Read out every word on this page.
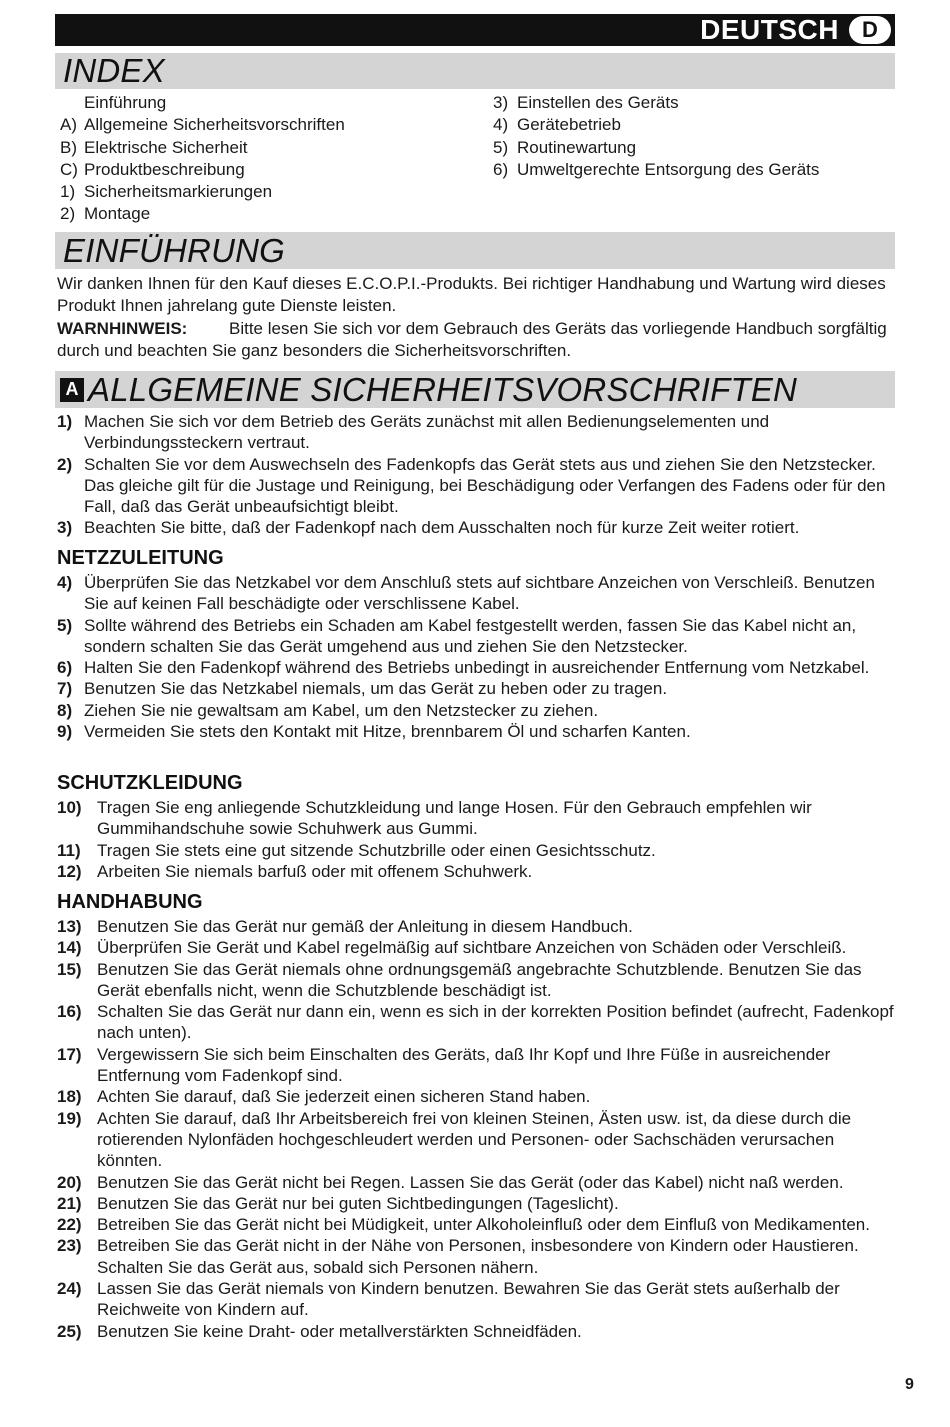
DEUTSCH	D
INDEX
Einführung
A) Allgemeine Sicherheitsvorschriften
B) Elektrische Sicherheit
C) Produktbeschreibung
1) Sicherheitsmarkierungen
2) Montage
3) Einstellen des Geräts
4) Gerätebetrieb
5) Routinewartung
6) Umweltgerechte Entsorgung des Geräts
EINFÜHRUNG

Wir danken Ihnen für den Kauf dieses E.C.O.P.I.-Produkts. Bei richtiger Handhabung und Wartung wird dieses Produkt Ihnen jahrelang gute Dienste leisten.

WARNHINWEIS: Bitte lesen Sie sich vor dem Gebrauch des Geräts das vorliegende Handbuch sorgfältig durch und beachten Sie ganz besonders die Sicherheitsvorschriften.

A ALLGEMEINE SICHERHEITSVORSCHRIFTEN
1) Machen Sie sich vor dem Betrieb des Geräts zunächst mit allen Bedienungselementen und Verbindungssteckern vertraut.
2) Schalten Sie vor dem Auswechseln des Fadenkopfs das Gerät stets aus und ziehen Sie den Netzstecker. Das gleiche gilt für die Justage und Reinigung, bei Beschädigung oder Verfangen des Fadens oder für den Fall, daß das Gerät unbeaufsichtigt bleibt.
3) Beachten Sie bitte, daß der Fadenkopf nach dem Ausschalten noch für kurze Zeit weiter rotiert.
NETZZULEITUNG
4) Überprüfen Sie das Netzkabel vor dem Anschluß stets auf sichtbare Anzeichen von Verschleiß. Benutzen Sie auf keinen Fall beschädigte oder verschlissene Kabel.
5) Sollte während des Betriebs ein Schaden am Kabel festgestellt werden, fassen Sie das Kabel nicht an, sondern schalten Sie das Gerät umgehend aus und ziehen Sie den Netzstecker.
6) Halten Sie den Fadenkopf während des Betriebs unbedingt in ausreichender Entfernung vom Netzkabel.
7) Benutzen Sie das Netzkabel niemals, um das Gerät zu heben oder zu tragen.
8) Ziehen Sie nie gewaltsam am Kabel, um den Netzstecker zu ziehen.
9) Vermeiden Sie stets den Kontakt mit Hitze, brennbarem Öl und scharfen Kanten.
SCHUTZKLEIDUNG
10) Tragen Sie eng anliegende Schutzkleidung und lange Hosen. Für den Gebrauch empfehlen wir Gummihandschuhe sowie Schuhwerk aus Gummi.
11) Tragen Sie stets eine gut sitzende Schutzbrille oder einen Gesichtsschutz.
12) Arbeiten Sie niemals barfuß oder mit offenem Schuhwerk.
HANDHABUNG
13) Benutzen Sie das Gerät nur gemäß der Anleitung in diesem Handbuch.
14) Überprüfen Sie Gerät und Kabel regelmäßig auf sichtbare Anzeichen von Schäden oder Verschleiß.
15) Benutzen Sie das Gerät niemals ohne ordnungsgemäß angebrachte Schutzblende. Benutzen Sie das Gerät ebenfalls nicht, wenn die Schutzblende beschädigt ist.
16) Schalten Sie das Gerät nur dann ein, wenn es sich in der korrekten Position befindet (aufrecht, Fadenkopf nach unten).
17) Vergewissern Sie sich beim Einschalten des Geräts, daß Ihr Kopf und Ihre Füße in ausreichender Entfernung vom Fadenkopf sind.
18) Achten Sie darauf, daß Sie jederzeit einen sicheren Stand haben.
19) Achten Sie darauf, daß Ihr Arbeitsbereich frei von kleinen Steinen, Ästen usw. ist, da diese durch die rotierenden Nylonfäden hochgeschleudert werden und Personen- oder Sachschäden verursachen könnten.
20) Benutzen Sie das Gerät nicht bei Regen. Lassen Sie das Gerät (oder das Kabel) nicht naß werden.
21) Benutzen Sie das Gerät nur bei guten Sichtbedingungen (Tageslicht).
22) Betreiben Sie das Gerät nicht bei Müdigkeit, unter Alkoholeinfluß oder dem Einfluß von Medikamenten.
23) Betreiben Sie das Gerät nicht in der Nähe von Personen, insbesondere von Kindern oder Haustieren. Schalten Sie das Gerät aus, sobald sich Personen nähern.
24) Lassen Sie das Gerät niemals von Kindern benutzen. Bewahren Sie das Gerät stets außerhalb der Reichweite von Kindern auf.
25) Benutzen Sie keine Draht- oder metallverstärkten Schneidfäden.
9
